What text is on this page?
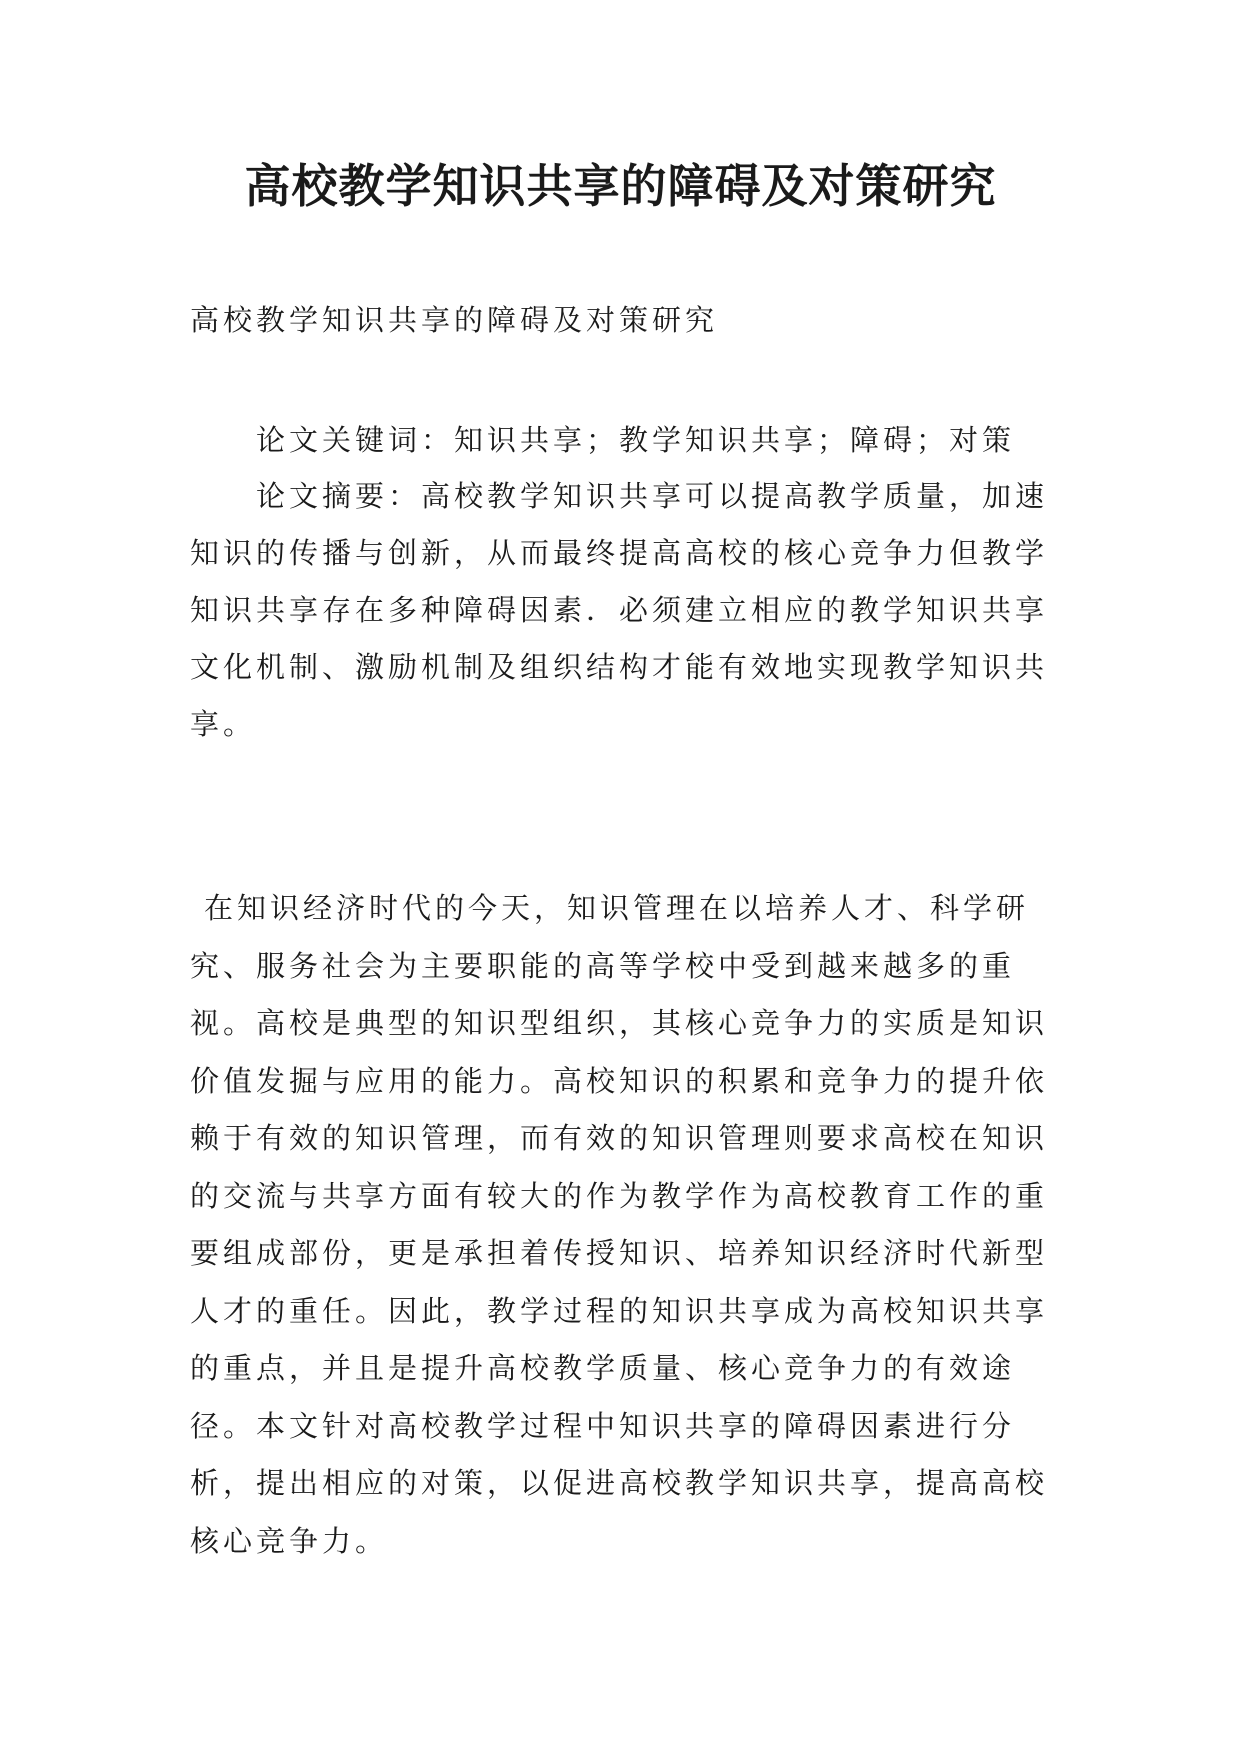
高校教学知识共享的障碍及对策研究

高校教学知识共享的障碍及对策研究

论文关键词：知识共享；教学知识共享；障碍；对策

论文摘要：高校教学知识共享可以提高教学质量，加速知识的传播与创新，从而最终提高高校的核心竞争力但教学知识共享存在多种障碍因素．必须建立相应的教学知识共享文化机制、激励机制及组织结构才能有效地实现教学知识共享。

在知识经济时代的今天，知识管理在以培养人才、科学研究、服务社会为主要职能的高等学校中受到越来越多的重视。高校是典型的知识型组织，其核心竞争力的实质是知识价值发掘与应用的能力。高校知识的积累和竞争力的提升依赖于有效的知识管理，而有效的知识管理则要求高校在知识的交流与共享方面有较大的作为教学作为高校教育工作的重要组成部份，更是承担着传授知识、培养知识经济时代新型人才的重任。因此，教学过程的知识共享成为高校知识共享的重点，并且是提升高校教学质量、核心竞争力的有效途径。本文针对高校教学过程中知识共享的障碍因素进行分析，提出相应的对策，以促进高校教学知识共享，提高高校核心竞争力。
